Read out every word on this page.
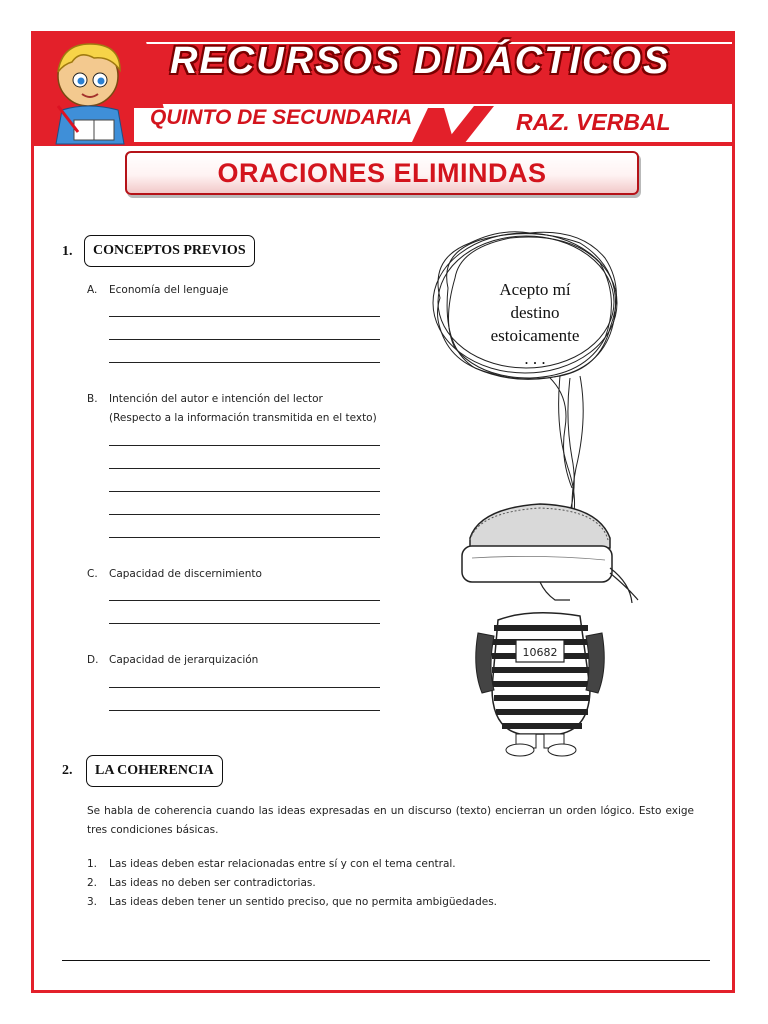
RECURSOS DIDÁCTICOS
QUINTO DE SECUNDARIA	RAZ. VERBAL
ORACIONES ELIMINDAS
1.	CONCEPTOS PREVIOS
A. Economía del lenguaje
B. Intención del autor e intención del lector
(Respecto a la información transmitida en el texto)
C. Capacidad de discernimiento
D. Capacidad de jerarquización
10682
Acepto mí
destino
estoicamente
. . .
2.	LA COHERENCIA
Se habla de coherencia cuando las ideas expresadas en un discurso (texto) encierran un orden lógico. Esto exige tres condiciones básicas.
1. Las ideas deben estar relacionadas entre sí y con el tema central.
2. Las ideas no deben ser contradictorias.
3. Las ideas deben tener un sentido preciso, que no permita ambigüedades.
